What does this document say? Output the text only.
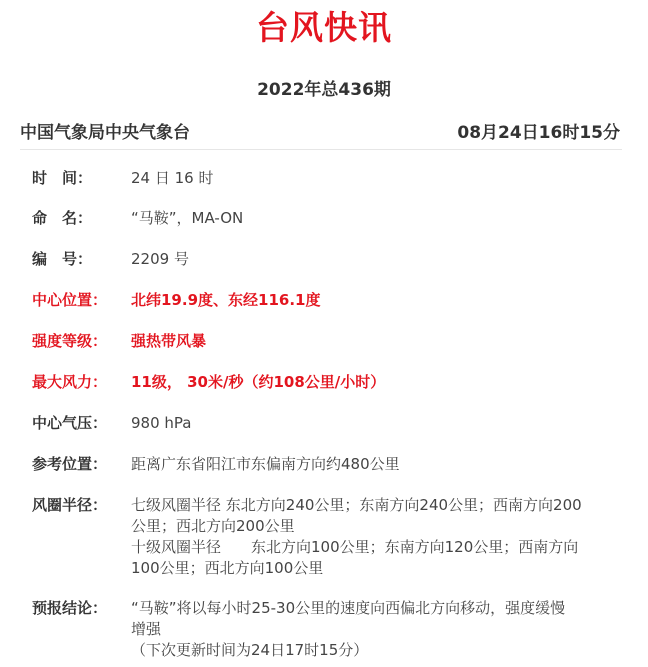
台风快讯
2022年总436期
中国气象局中央气象台	08月24日16时15分
时　间：	24 日 16 时
命　名：	“马鞍”，MA-ON
编　号：	2209 号
中心位置：	北纬19.9度、东经116.1度
强度等级：	强热带风暴
最大风力：	11级， 30米/秒（约108公里/小时）
中心气压：	980 hPa
参考位置：	距离广东省阳江市东偏南方向约480公里
风圈半径：	七级风圈半径 东北方向240公里；东南方向240公里；西南方向200
公里；西北方向200公里
十级风圈半径　　东北方向100公里；东南方向120公里；西南方向
100公里；西北方向100公里
预报结论：	“马鞍”将以每小时25-30公里的速度向西偏北方向移动，强度缓慢
增强
（下次更新时间为24日17时15分）
